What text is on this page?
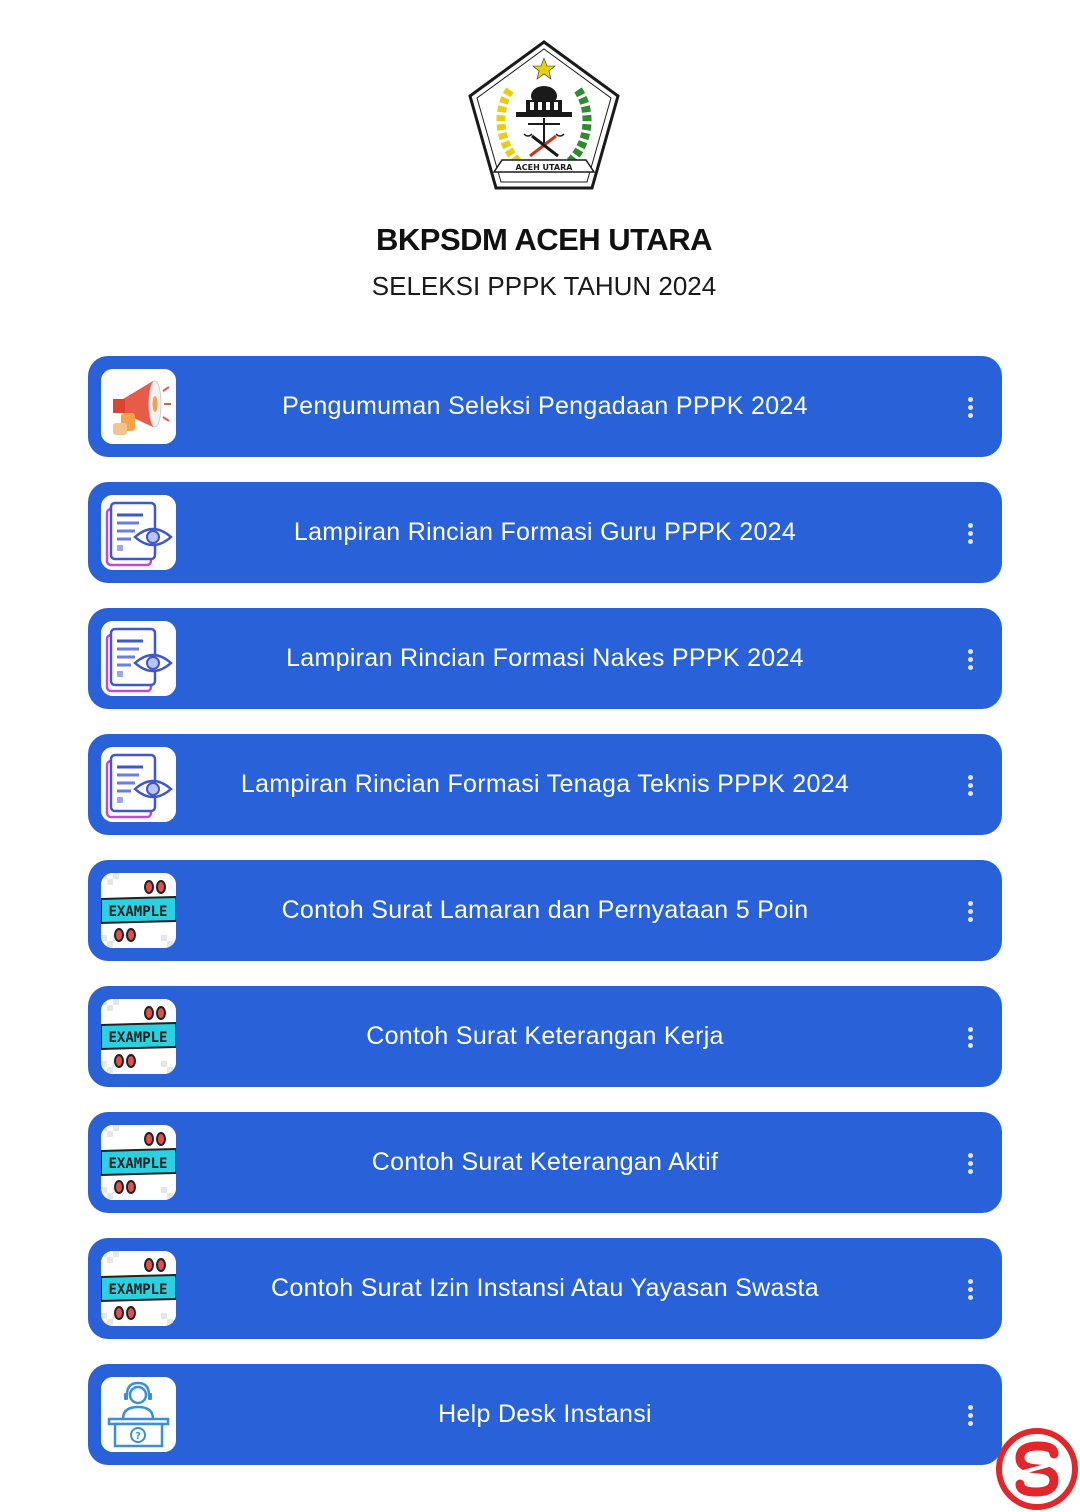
ACEH UTARA
BKPSDM ACEH UTARA
SELEKSI PPPK TAHUN 2024
Pengumuman Seleksi Pengadaan PPPK 2024
Lampiran Rincian Formasi Guru PPPK 2024
Lampiran Rincian Formasi Nakes PPPK 2024
Lampiran Rincian Formasi Tenaga Teknis PPPK 2024
EXAMPLE	Contoh Surat Lamaran dan Pernyataan 5 Poin
EXAMPLE	Contoh Surat Keterangan Kerja
EXAMPLE	Contoh Surat Keterangan Aktif
EXAMPLE	Contoh Surat Izin Instansi Atau Yayasan Swasta
?
Help Desk Instansi
